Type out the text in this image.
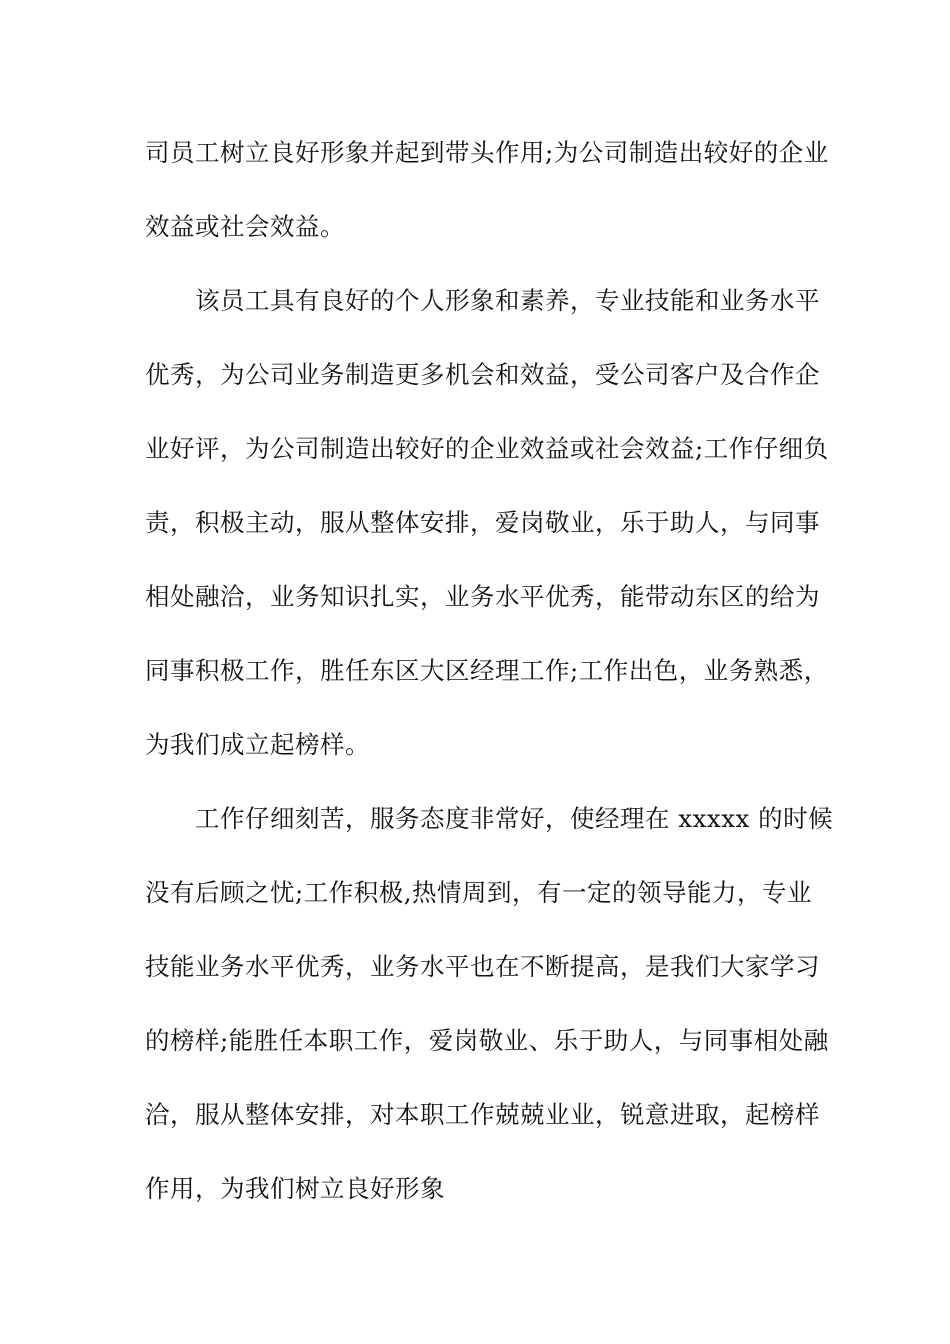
司员工树立良好形象并起到带头作用;为公司制造出较好的企业

效益或社会效益。

该员工具有良好的个人形象和素养，专业技能和业务水平

优秀，为公司业务制造更多机会和效益，受公司客户及合作企

业好评，为公司制造出较好的企业效益或社会效益;工作仔细负

责，积极主动，服从整体安排，爱岗敬业，乐于助人，与同事

相处融洽，业务知识扎实，业务水平优秀，能带动东区的给为

同事积极工作，胜任东区大区经理工作;工作出色，业务熟悉，

为我们成立起榜样。

工作仔细刻苦，服务态度非常好，使经理在 xxxxx 的时候

没有后顾之忧;工作积极,热情周到，有一定的领导能力，专业

技能业务水平优秀，业务水平也在不断提高，是我们大家学习

的榜样;能胜任本职工作，爱岗敬业、乐于助人，与同事相处融

洽，服从整体安排，对本职工作兢兢业业，锐意进取，起榜样

作用，为我们树立良好形象
